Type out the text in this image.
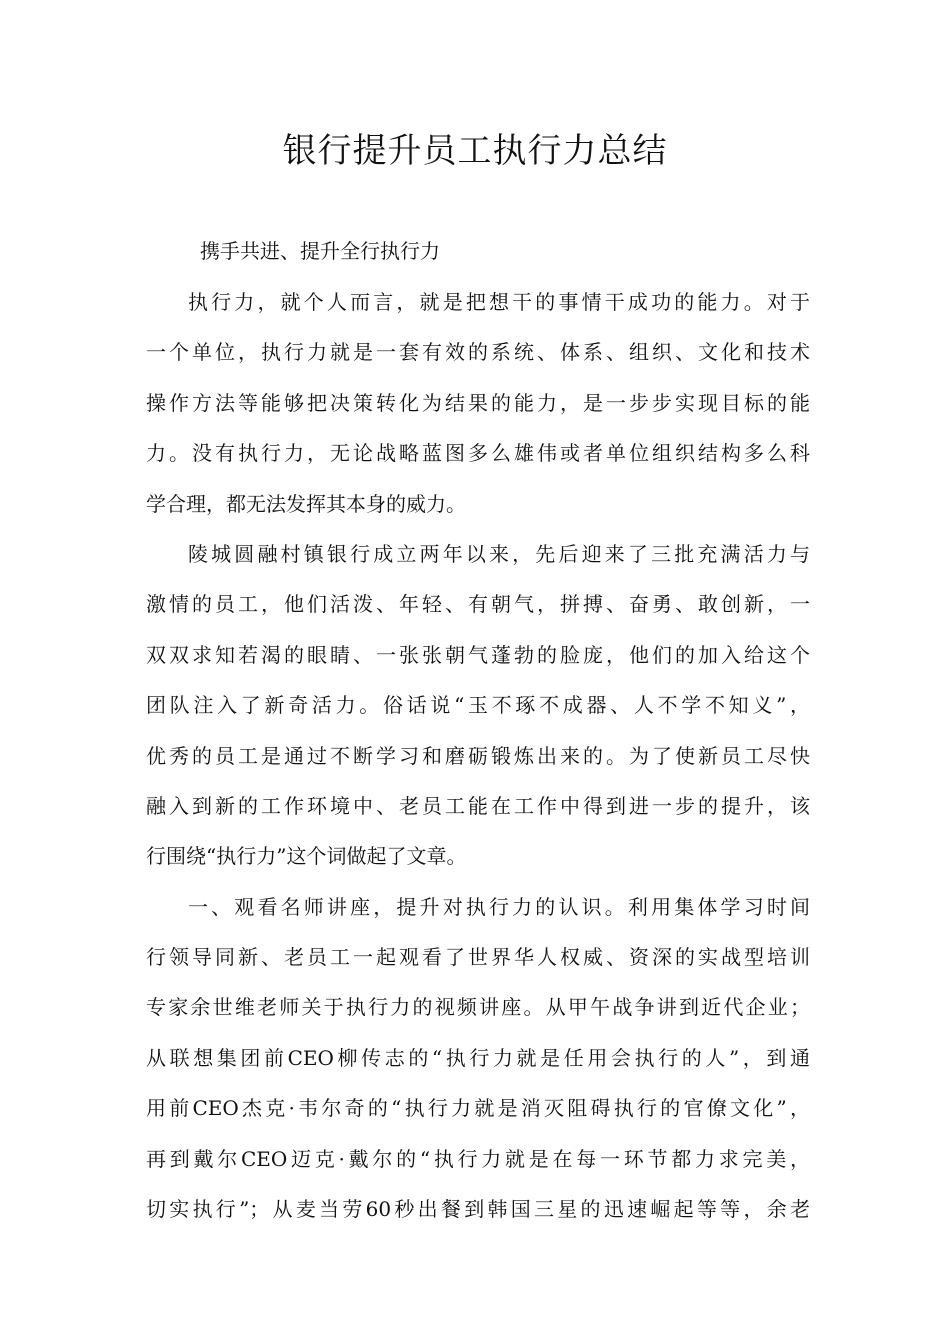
银行提升员工执行力总结
携手共进、提升全行执行力
执行力，就个人而言，就是把想干的事情干成功的能力。对于
一个单位，执行力就是一套有效的系统、体系、组织、文化和技术
操作方法等能够把决策转化为结果的能力，是一步步实现目标的能
力。没有执行力，无论战略蓝图多么雄伟或者单位组织结构多么科
学合理，都无法发挥其本身的威力。
陵城圆融村镇银行成立两年以来，先后迎来了三批充满活力与
激情的员工，他们活泼、年轻、有朝气，拼搏、奋勇、敢创新，一
双双求知若渴的眼睛、一张张朝气蓬勃的脸庞，他们的加入给这个
团队注入了新奇活力。俗话说“玉不琢不成器、人不学不知义”，
优秀的员工是通过不断学习和磨砺锻炼出来的。为了使新员工尽快
融入到新的工作环境中、老员工能在工作中得到进一步的提升，该
行围绕“执行力”这个词做起了文章。
一、观看名师讲座，提升对执行力的认识。利用集体学习时间
行领导同新、老员工一起观看了世界华人权威、资深的实战型培训
专家余世维老师关于执行力的视频讲座。从甲午战争讲到近代企业；
从联想集团前CEO柳传志的“执行力就是任用会执行的人”，到通
用前CEO杰克·韦尔奇的“执行力就是消灭阻碍执行的官僚文化”，
再到戴尔CEO迈克·戴尔的“执行力就是在每一环节都力求完美，
切实执行”；从麦当劳60秒出餐到韩国三星的迅速崛起等等，余老
